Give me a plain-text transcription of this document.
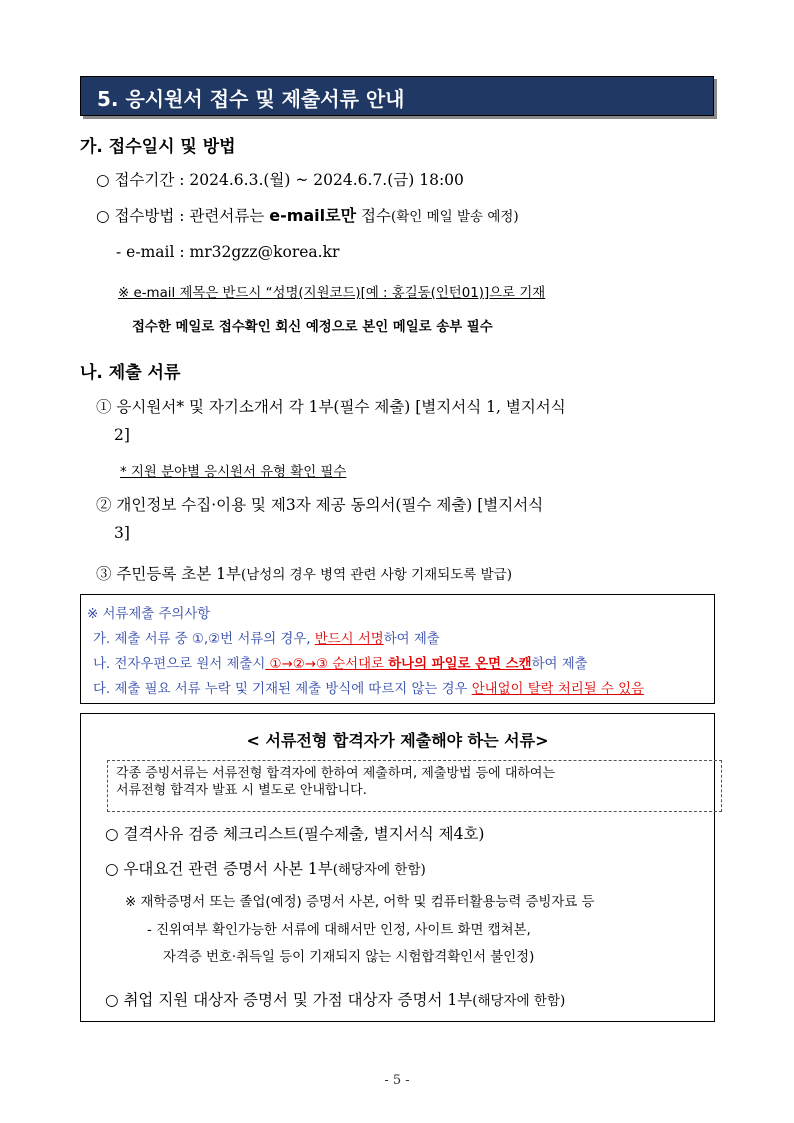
5. 응시원서 접수 및 제출서류 안내
가. 접수일시 및 방법
○ 접수기간 : 2024.6.3.(월) ~ 2024.6.7.(금) 18:00
○ 접수방법 : 관련서류는 e-mail로만 접수(확인 메일 발송 예정)
- e-mail : mr32gzz@korea.kr
※ e-mail 제목은 반드시 “성명(지원코드)[예 : 홍길동(인턴01)]으로 기재
접수한 메일로 접수확인 회신 예정으로 본인 메일로 송부 필수
나. 제출 서류
① 응시원서* 및 자기소개서 각 1부(필수 제출) [별지서식 1, 별지서식
2]
* 지원 분야별 응시원서 유형 확인 필수
② 개인정보 수집·이용 및 제3자 제공 동의서(필수 제출) [별지서식
3]
③ 주민등록 초본 1부(남성의 경우 병역 관련 사항 기재되도록 발급)
※ 서류제출 주의사항
가. 제출 서류 중 ①,②번 서류의 경우, 반드시 서명하여 제출
나. 전자우편으로 원서 제출시 ①→②→③ 순서대로 하나의 파일로 온면 스캔하여 제출
다. 제출 필요 서류 누락 및 기재된 제출 방식에 따르지 않는 경우 안내없이 탈락 처리될 수 있음
< 서류전형 합격자가 제출해야 하는 서류>
각종 증빙서류는 서류전형 합격자에 한하여 제출하며, 제출방법 등에 대하여는
서류전형 합격자 발표 시 별도로 안내합니다.
○ 결격사유 검증 체크리스트(필수제출, 별지서식 제4호)
○ 우대요건 관련 증명서 사본 1부(해당자에 한함)
※ 재학증명서 또는 졸업(예정) 증명서 사본, 어학 및 컴퓨터활용능력 증빙자료 등
- 진위여부 확인가능한 서류에 대해서만 인정, 사이트 화면 캡쳐본,
자격증 번호·취득일 등이 기재되지 않는 시험합격확인서 불인정)
○ 취업 지원 대상자 증명서 및 가점 대상자 증명서 1부(해당자에 한함)
- 5 -
